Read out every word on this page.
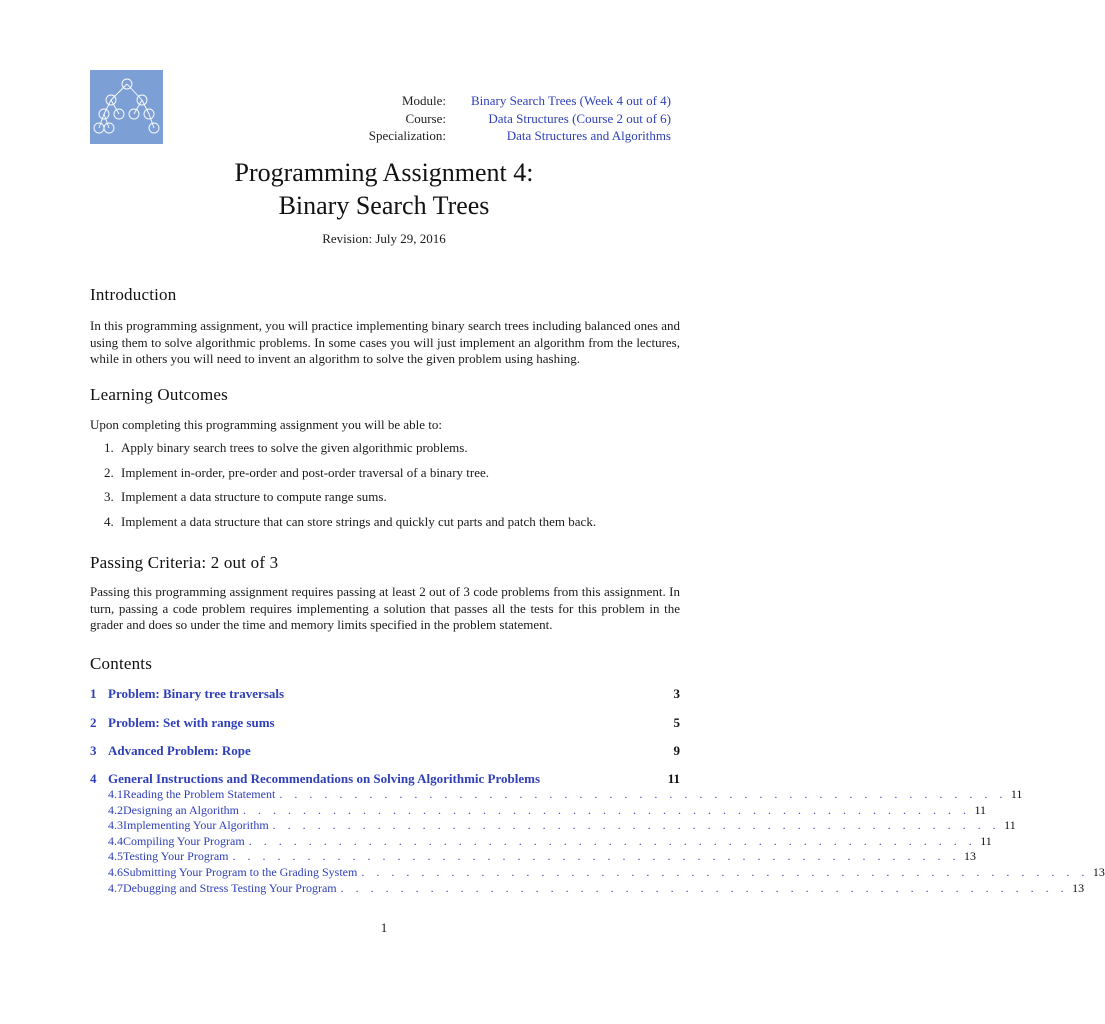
Module:	Binary Search Trees (Week 4 out of 4)
Course:	Data Structures (Course 2 out of 6)
Specialization:	Data Structures and Algorithms
Programming Assignment 4:
Binary Search Trees
Revision: July 29, 2016
Introduction

In this programming assignment, you will practice implementing binary search trees including balanced ones and using them to solve algorithmic problems. In some cases you will just implement an algorithm from the lectures, while in others you will need to invent an algorithm to solve the given problem using hashing.

Learning Outcomes

Upon completing this programming assignment you will be able to:

1. Apply binary search trees to solve the given algorithmic problems.
2. Implement in-order, pre-order and post-order traversal of a binary tree.
3. Implement a data structure to compute range sums.
4. Implement a data structure that can store strings and quickly cut parts and patch them back.
Passing Criteria: 2 out of 3

Passing this programming assignment requires passing at least 2 out of 3 code problems from this assignment. In turn, passing a code problem requires implementing a solution that passes all the tests for this problem in the grader and does so under the time and memory limits specified in the problem statement.

Contents
1 Problem: Binary tree traversals	3
2 Problem: Set with range sums	5
3 Advanced Problem: Rope	9
4 General Instructions and Recommendations on Solving Algorithmic Problems	11
4.1 Reading the Problem Statement . . . . . . . . . . . . . . . . . . . . . . . . . . . . . . . . . . . . . . . . . . . . . . . . . 11
4.2 Designing an Algorithm . . . . . . . . . . . . . . . . . . . . . . . . . . . . . . . . . . . . . . . . . . . . . . . . . 11
4.3 Implementing Your Algorithm . . . . . . . . . . . . . . . . . . . . . . . . . . . . . . . . . . . . . . . . . . . . . . . . . 11
4.4 Compiling Your Program . . . . . . . . . . . . . . . . . . . . . . . . . . . . . . . . . . . . . . . . . . . . . . . . . 11
4.5 Testing Your Program . . . . . . . . . . . . . . . . . . . . . . . . . . . . . . . . . . . . . . . . . . . . . . . . . 13
4.6 Submitting Your Program to the Grading System . . . . . . . . . . . . . . . . . . . . . . . . . . . . . . . . . . . . . . . . . . . . . . . . . 13
4.7 Debugging and Stress Testing Your Program . . . . . . . . . . . . . . . . . . . . . . . . . . . . . . . . . . . . . . . . . . . . . . . . . 13
1
